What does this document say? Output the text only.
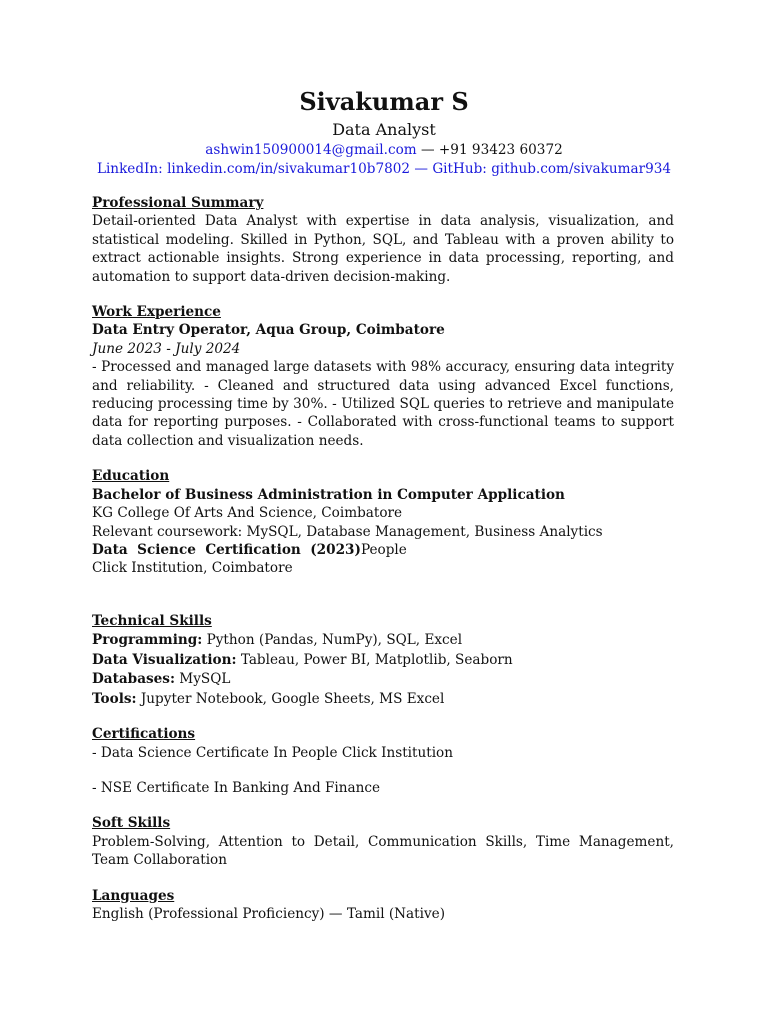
Sivakumar S
Data Analyst
ashwin150900014@gmail.com — +91 93423 60372
LinkedIn: linkedin.com/in/sivakumar10b7802 — GitHub: github.com/sivakumar934

Professional Summary

Detail-oriented Data Analyst with expertise in data analysis, visualization, and statistical modeling. Skilled in Python, SQL, and Tableau with a proven ability to extract actionable insights. Strong experience in data processing, reporting, and automation to support data-driven decision-making.

Work Experience

Data Entry Operator, Aqua Group, Coimbatore

June 2023 - July 2024

- Processed and managed large datasets with 98% accuracy, ensuring data integrity and reliability. - Cleaned and structured data using advanced Excel functions, reducing processing time by 30%. - Utilized SQL queries to retrieve and manipulate data for reporting purposes. - Collaborated with cross-functional teams to support data collection and visualization needs.

Education

Bachelor of Business Administration in Computer Application

KG College Of Arts And Science, Coimbatore

Relevant coursework: MySQL, Database Management, Business Analytics

Data  Science  Certification  (2023)People

Click Institution, Coimbatore

Technical Skills

Programming: Python (Pandas, NumPy), SQL, Excel

Data Visualization: Tableau, Power BI, Matplotlib, Seaborn

Databases: MySQL

Tools: Jupyter Notebook, Google Sheets, MS Excel

Certifications

- Data Science Certificate In People Click Institution

- NSE Certificate In Banking And Finance

Soft Skills

Problem-Solving, Attention to Detail, Communication Skills, Time Management, Team Collaboration

Languages

English (Professional Proficiency) — Tamil (Native)
